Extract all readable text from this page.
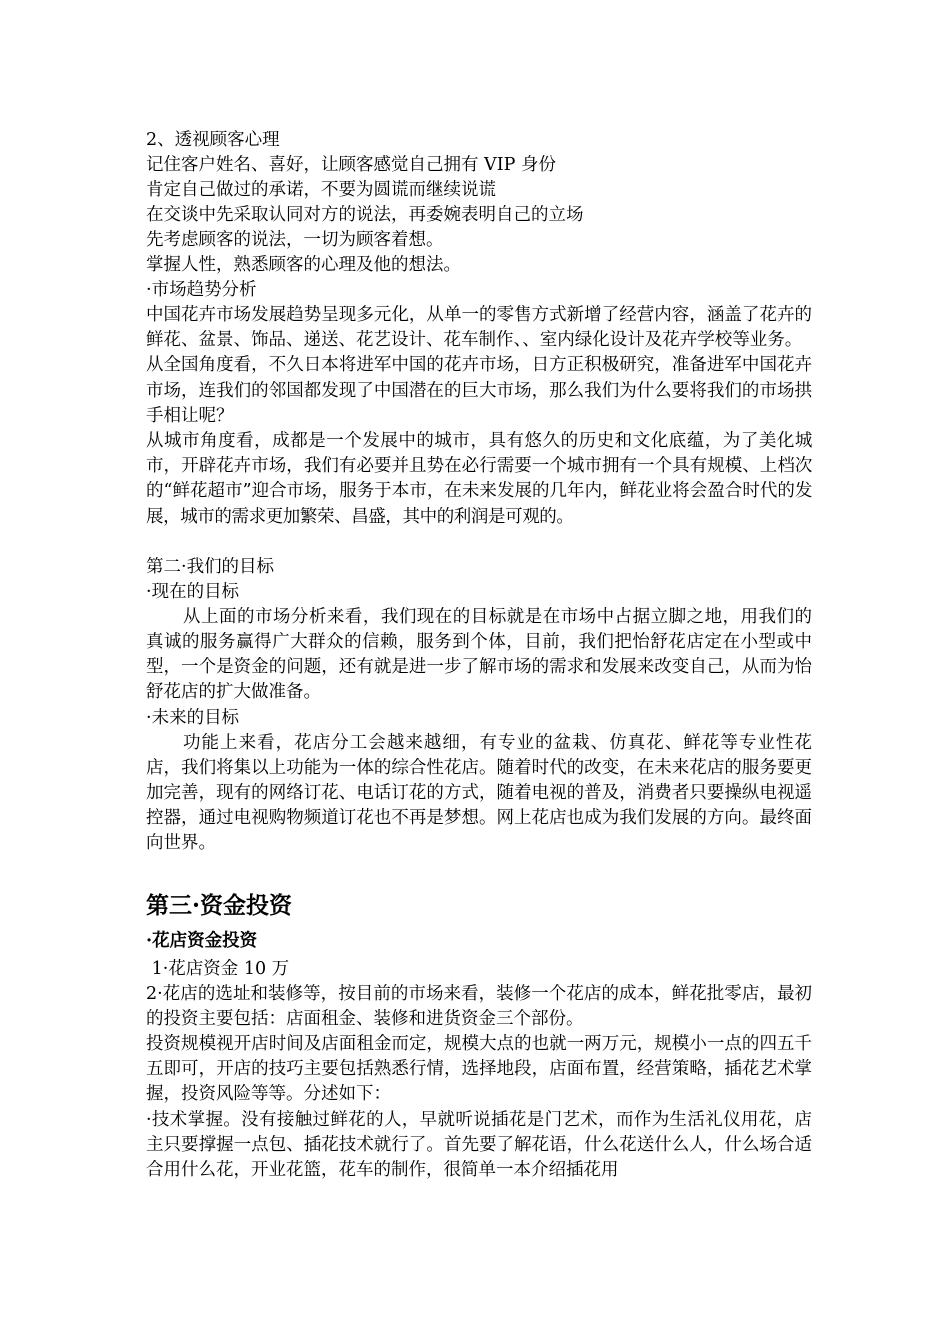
2、透视顾客心理

记住客户姓名、喜好，让顾客感觉自己拥有 VIP 身份

肯定自己做过的承诺，不要为圆谎而继续说谎

在交谈中先采取认同对方的说法，再委婉表明自己的立场

先考虑顾客的说法，一切为顾客着想。

掌握人性，熟悉顾客的心理及他的想法。

·市场趋势分析

中国花卉市场发展趋势呈现多元化，从单一的零售方式新增了经营内容，涵盖了花卉的鲜花、盆景、饰品、递送、花艺设计、花车制作、、室内绿化设计及花卉学校等业务。

从全国角度看，不久日本将进军中国的花卉市场，日方正积极研究，准备进军中国花卉市场，连我们的邻国都发现了中国潜在的巨大市场，那么我们为什么要将我们的市场拱手相让呢？

从城市角度看，成都是一个发展中的城市，具有悠久的历史和文化底蕴，为了美化城市，开辟花卉市场，我们有必要并且势在必行需要一个城市拥有一个具有规模、上档次的“鲜花超市”迎合市场，服务于本市，在未来发展的几年内，鲜花业将会盈合时代的发展，城市的需求更加繁荣、昌盛，其中的利润是可观的。

第二·我们的目标

·现在的目标

从上面的市场分析来看，我们现在的目标就是在市场中占据立脚之地，用我们的真诚的服务赢得广大群众的信赖，服务到个体，目前，我们把怡舒花店定在小型或中型，一个是资金的问题，还有就是进一步了解市场的需求和发展来改变自己，从而为怡舒花店的扩大做准备。

·未来的目标

功能上来看，花店分工会越来越细，有专业的盆栽、仿真花、鲜花等专业性花店，我们将集以上功能为一体的综合性花店。随着时代的改变，在未来花店的服务要更加完善，现有的网络订花、电话订花的方式，随着电视的普及，消费者只要操纵电视遥控器，通过电视购物频道订花也不再是梦想。网上花店也成为我们发展的方向。最终面向世界。

第三·资金投资

·花店资金投资

1·花店资金 10 万

2·花店的选址和装修等，按目前的市场来看，装修一个花店的成本，鲜花批零店，最初的投资主要包括：店面租金、装修和进货资金三个部份。

投资规模视开店时间及店面租金而定，规模大点的也就一两万元，规模小一点的四五千五即可，开店的技巧主要包括熟悉行情，选择地段，店面布置，经营策略，插花艺术掌握，投资风险等等。分述如下：

·技术掌握。没有接触过鲜花的人，早就听说插花是门艺术，而作为生活礼仪用花，店主只要撑握一点包、插花技术就行了。首先要了解花语，什么花送什么人，什么场合适合用什么花，开业花篮，花车的制作，很简单一本介绍插花用
